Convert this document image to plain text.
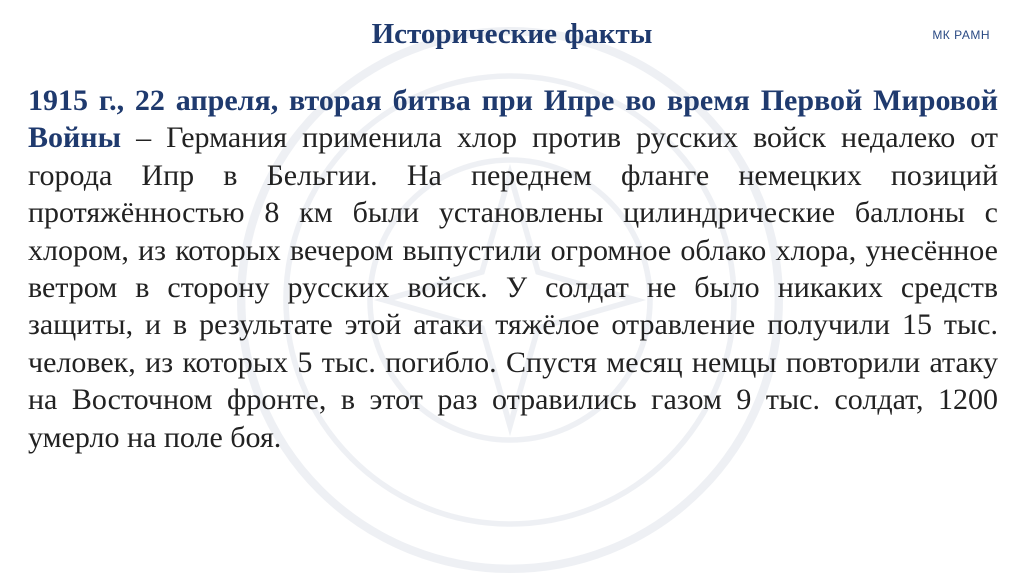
Исторические факты	МК РАМН

1915 г., 22 апреля, вторая битва при Ипре во время Первой Мировой Войны – Германия применила хлор против русских войск недалеко от города Ипр в Бельгии. На переднем фланге немецких позиций протяжённостью 8 км были установлены цилиндрические баллоны с хлором, из которых вечером выпустили огромное облако хлора, унесённое ветром в сторону русских войск. У солдат не было никаких средств защиты, и в результате этой атаки тяжёлое отравление получили 15 тыс. человек, из которых 5 тыс. погибло. Спустя месяц немцы повторили атаку на Восточном фронте, в этот раз отравились газом 9 тыс. солдат, 1200 умерло на поле боя.
